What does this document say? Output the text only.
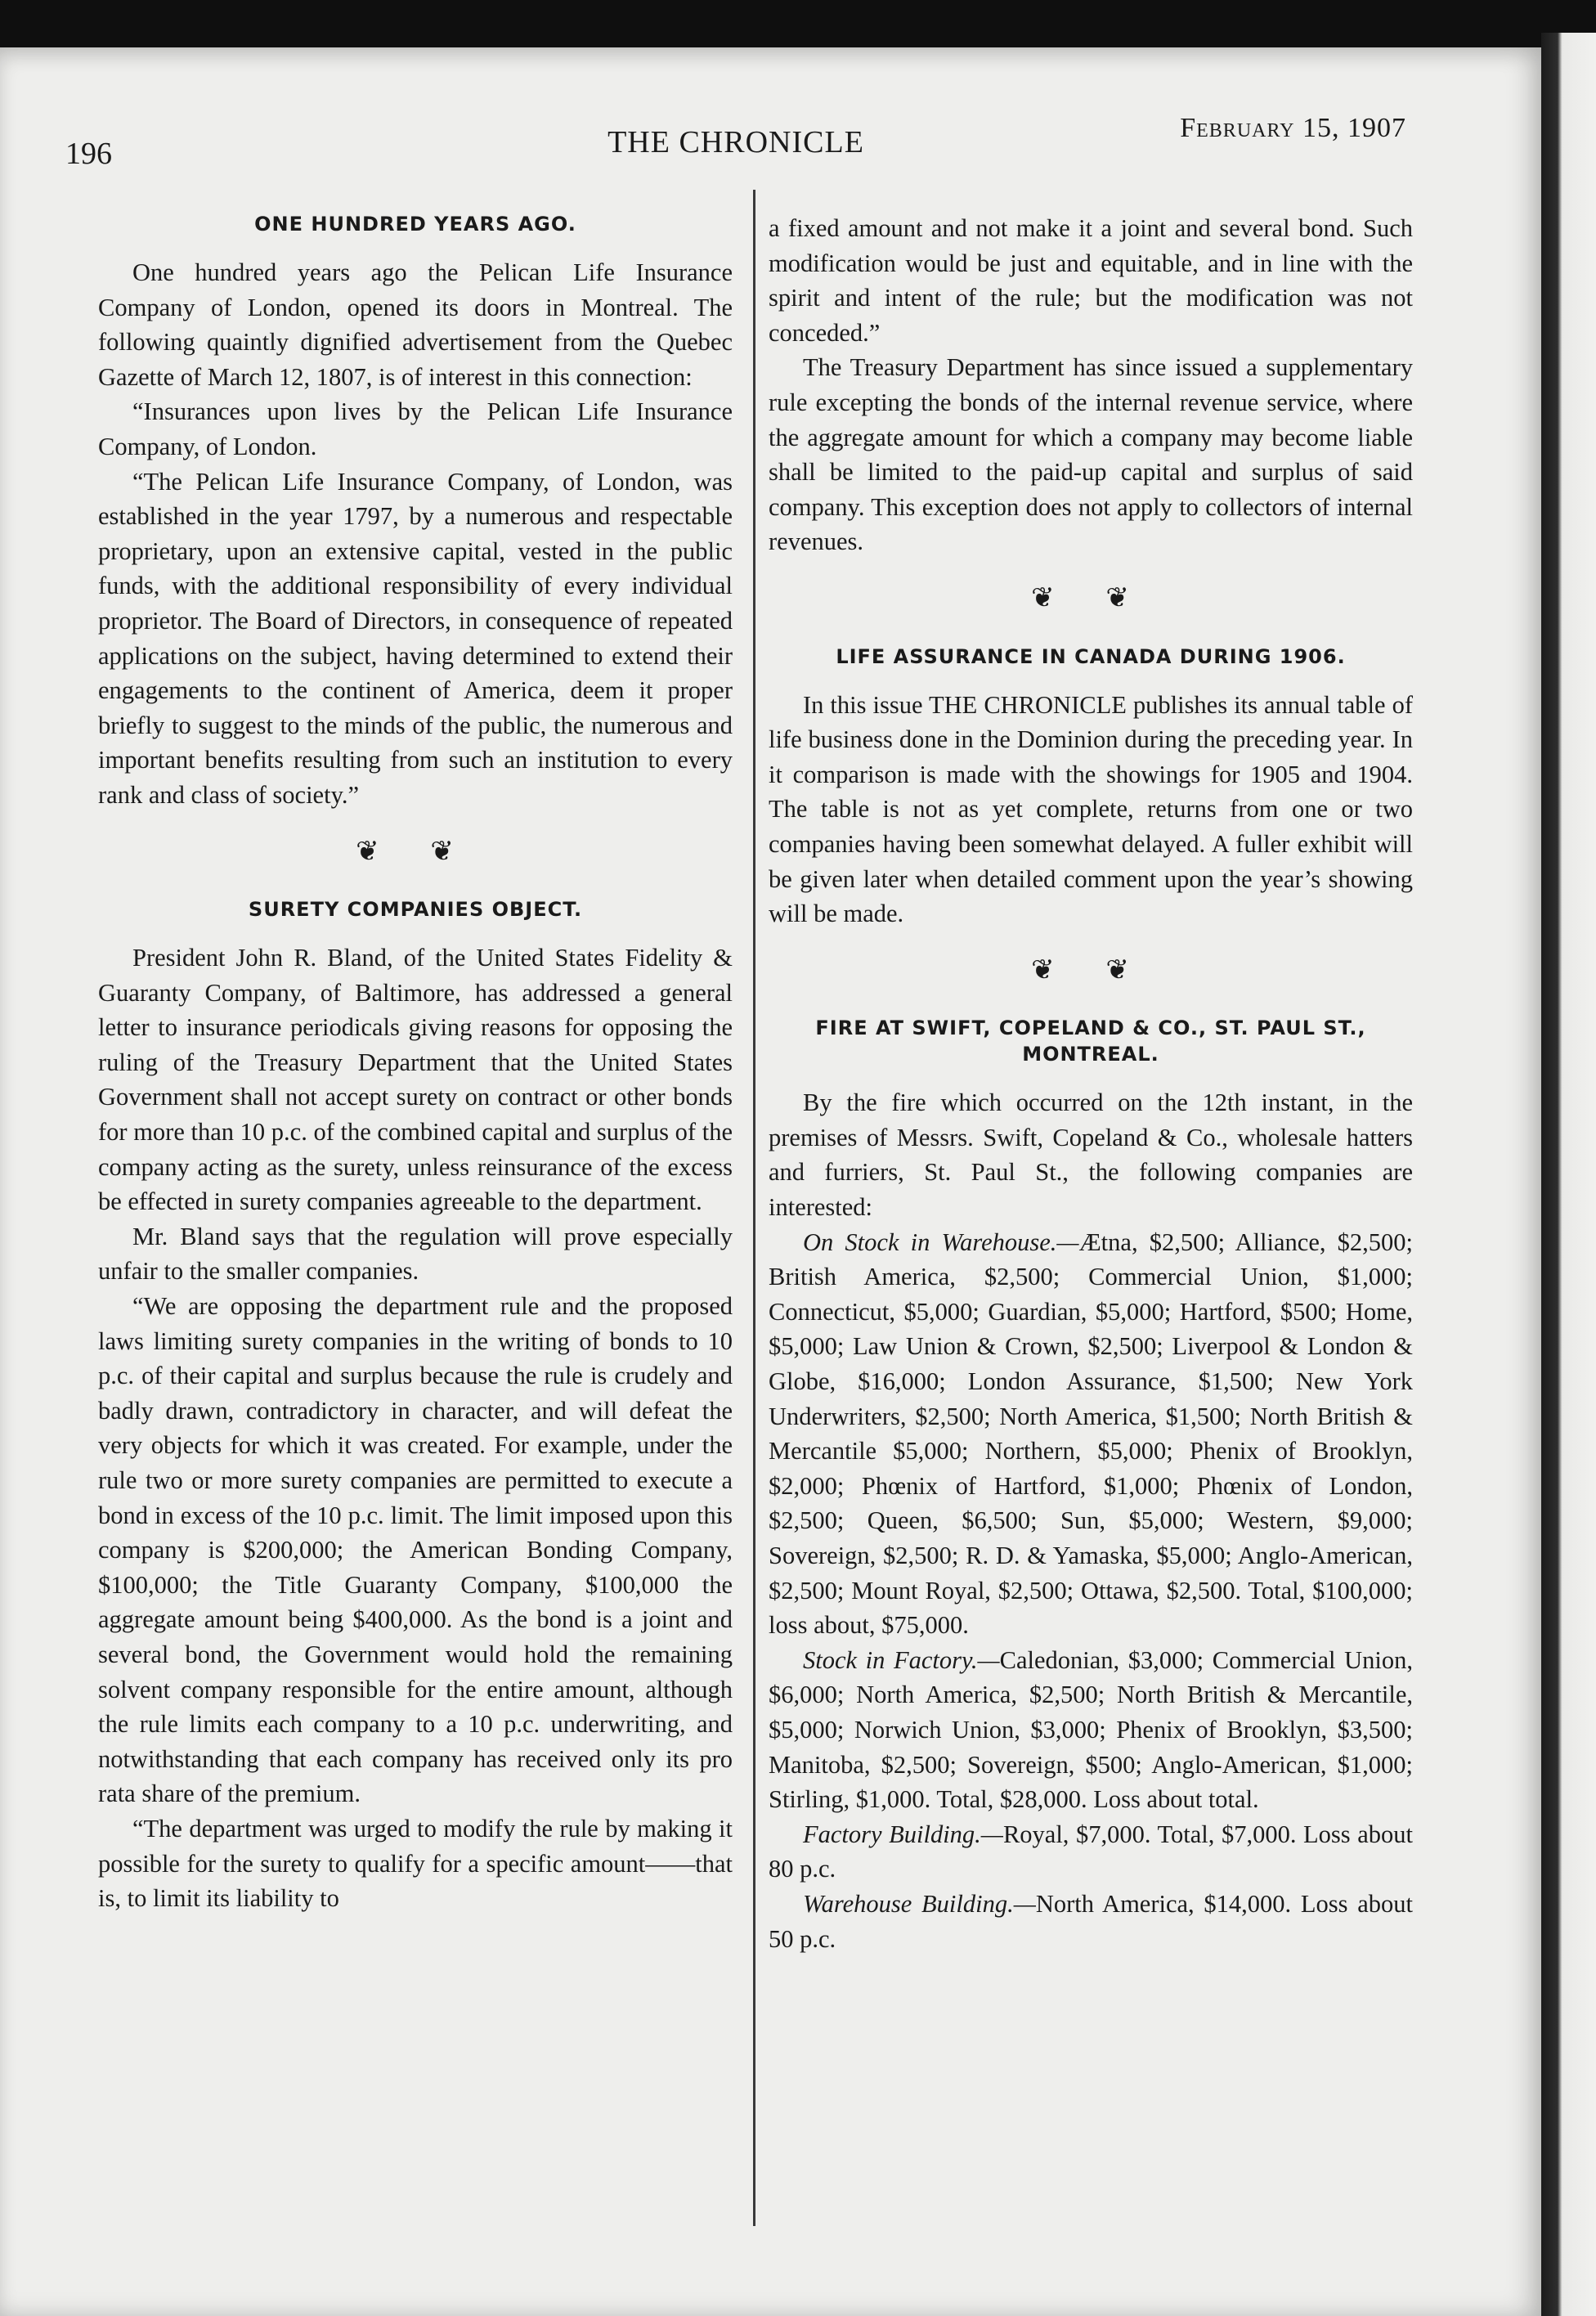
196	THE CHRONICLE	February 15, 1907
ONE HUNDRED YEARS AGO.

One hundred years ago the Pelican Life Insurance Company of London, opened its doors in Montreal. The following quaintly dignified advertisement from the Quebec Gazette of March 12, 1807, is of interest in this connection:

“Insurances upon lives by the Pelican Life Insurance Company, of London.

“The Pelican Life Insurance Company, of London, was established in the year 1797, by a numerous and respectable proprietary, upon an extensive capital, vested in the public funds, with the additional responsibility of every individual proprietor. The Board of Directors, in consequence of repeated applications on the subject, having determined to extend their engagements to the continent of America, deem it proper briefly to suggest to the minds of the public, the numerous and important benefits resulting from such an institution to every rank and class of society.”

❦ ❦
SURETY COMPANIES OBJECT.

President John R. Bland, of the United States Fidelity & Guaranty Company, of Baltimore, has addressed a general letter to insurance periodicals giving reasons for opposing the ruling of the Treasury Department that the United States Government shall not accept surety on contract or other bonds for more than 10 p.c. of the combined capital and surplus of the company acting as the surety, unless reinsurance of the excess be effected in surety companies agreeable to the department.

Mr. Bland says that the regulation will prove especially unfair to the smaller companies.

“We are opposing the department rule and the proposed laws limiting surety companies in the writing of bonds to 10 p.c. of their capital and surplus because the rule is crudely and badly drawn, contradictory in character, and will defeat the very objects for which it was created. For example, under the rule two or more surety companies are permitted to execute a bond in excess of the 10 p.c. limit. The limit imposed upon this company is $200,000; the American Bonding Company, $100,000; the Title Guaranty Company, $100,000 the aggregate amount being $400,000. As the bond is a joint and several bond, the Government would hold the remaining solvent company responsible for the entire amount, although the rule limits each company to a 10 p.c. underwriting, and notwithstanding that each company has received only its pro rata share of the premium.

“The department was urged to modify the rule by making it possible for the surety to qualify for a specific amount——that is, to limit its liability to

a fixed amount and not make it a joint and several bond. Such modification would be just and equitable, and in line with the spirit and intent of the rule; but the modification was not conceded.”

The Treasury Department has since issued a supplementary rule excepting the bonds of the internal revenue service, where the aggregate amount for which a company may become liable shall be limited to the paid-up capital and surplus of said company. This exception does not apply to collectors of internal revenues.

❦ ❦
LIFE ASSURANCE IN CANADA DURING 1906.

In this issue THE CHRONICLE publishes its annual table of life business done in the Dominion during the preceding year. In it comparison is made with the showings for 1905 and 1904. The table is not as yet complete, returns from one or two companies having been somewhat delayed. A fuller exhibit will be given later when detailed comment upon the year’s showing will be made.

❦ ❦
FIRE AT SWIFT, COPELAND & CO., ST. PAUL ST., MONTREAL.

By the fire which occurred on the 12th instant, in the premises of Messrs. Swift, Copeland & Co., wholesale hatters and furriers, St. Paul St., the following companies are interested:

On Stock in Warehouse.—Ætna, $2,500; Alliance, $2,500; British America, $2,500; Commercial Union, $1,000; Connecticut, $5,000; Guardian, $5,000; Hartford, $500; Home, $5,000; Law Union & Crown, $2,500; Liverpool & London & Globe, $16,000; London Assurance, $1,500; New York Underwriters, $2,500; North America, $1,500; North British & Mercantile $5,000; Northern, $5,000; Phenix of Brooklyn, $2,000; Phœnix of Hartford, $1,000; Phœnix of London, $2,500; Queen, $6,500; Sun, $5,000; Western, $9,000; Sovereign, $2,500; R. D. & Yamaska, $5,000; Anglo-American, $2,500; Mount Royal, $2,500; Ottawa, $2,500. Total, $100,000; loss about, $75,000.

Stock in Factory.—Caledonian, $3,000; Commercial Union, $6,000; North America, $2,500; North British & Mercantile, $5,000; Norwich Union, $3,000; Phenix of Brooklyn, $3,500; Manitoba, $2,500; Sovereign, $500; Anglo-American, $1,000; Stirling, $1,000. Total, $28,000. Loss about total.

Factory Building.—Royal, $7,000. Total, $7,000. Loss about 80 p.c.

Warehouse Building.—North America, $14,000. Loss about 50 p.c.
